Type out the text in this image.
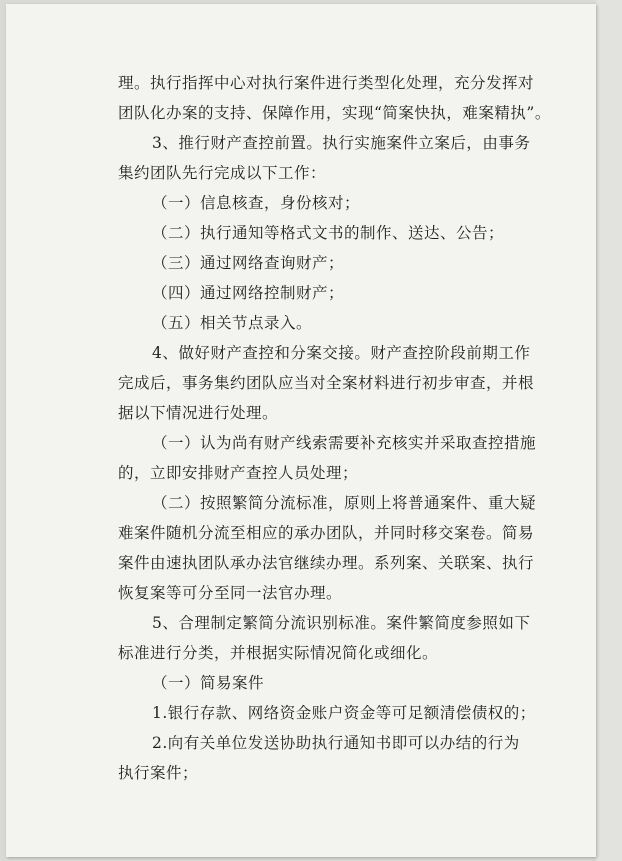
理。执行指挥中心对执行案件进行类型化处理，充分发挥对
团队化办案的支持、保障作用，实现“简案快执，难案精执”。
3、推行财产查控前置。执行实施案件立案后，由事务
集约团队先行完成以下工作：
（一）信息核查，身份核对；
（二）执行通知等格式文书的制作、送达、公告；
（三）通过网络查询财产；
（四）通过网络控制财产；
（五）相关节点录入。
4、做好财产查控和分案交接。财产查控阶段前期工作
完成后，事务集约团队应当对全案材料进行初步审查，并根
据以下情况进行处理。
（一）认为尚有财产线索需要补充核实并采取查控措施
的，立即安排财产查控人员处理；
（二）按照繁简分流标准，原则上将普通案件、重大疑
难案件随机分流至相应的承办团队，并同时移交案卷。简易
案件由速执团队承办法官继续办理。系列案、关联案、执行
恢复案等可分至同一法官办理。
5、合理制定繁简分流识别标准。案件繁简度参照如下
标准进行分类，并根据实际情况简化或细化。
（一）简易案件
1.银行存款、网络资金账户资金等可足额清偿债权的；
2.向有关单位发送协助执行通知书即可以办结的行为
执行案件；
